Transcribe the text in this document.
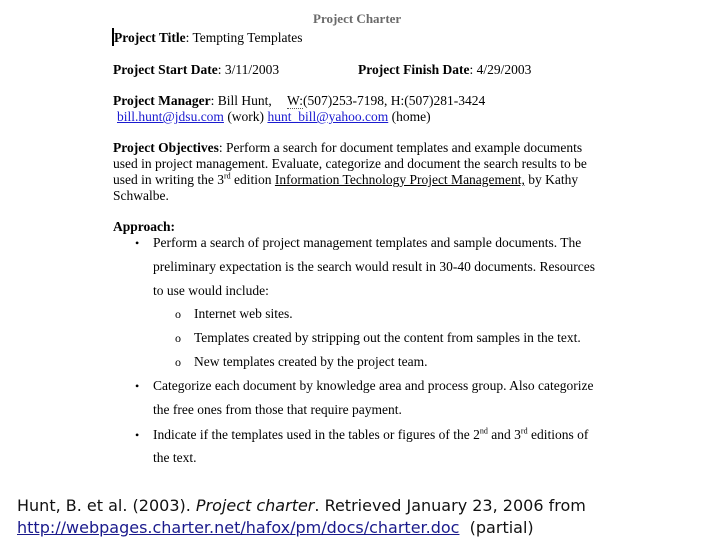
Project Charter
Project Title: Tempting Templates
Project Start Date: 3/11/2003	Project Finish Date: 4/29/2003
Project Manager: Bill Hunt, W:(507)253-7198, H:(507)281-3424
bill.hunt@jdsu.com (work) hunt_bill@yahoo.com (home)
Project Objectives: Perform a search for document templates and example documents
used in project management. Evaluate, categorize and document the search results to be
used in writing the 3rd edition Information Technology Project Management, by Kathy
Schwalbe.
Approach:
• Perform a search of project management templates and sample documents. The
preliminary expectation is the search would result in 30-40 documents. Resources
to use would include:
o Internet web sites.
o Templates created by stripping out the content from samples in the text.
o New templates created by the project team.
• Categorize each document by knowledge area and process group. Also categorize
the free ones from those that require payment.
• Indicate if the templates used in the tables or figures of the 2nd and 3rd editions of
the text.
Hunt, B. et al. (2003). Project charter. Retrieved January 23, 2006 from
http://webpages.charter.net/hafox/pm/docs/charter.doc  (partial)
